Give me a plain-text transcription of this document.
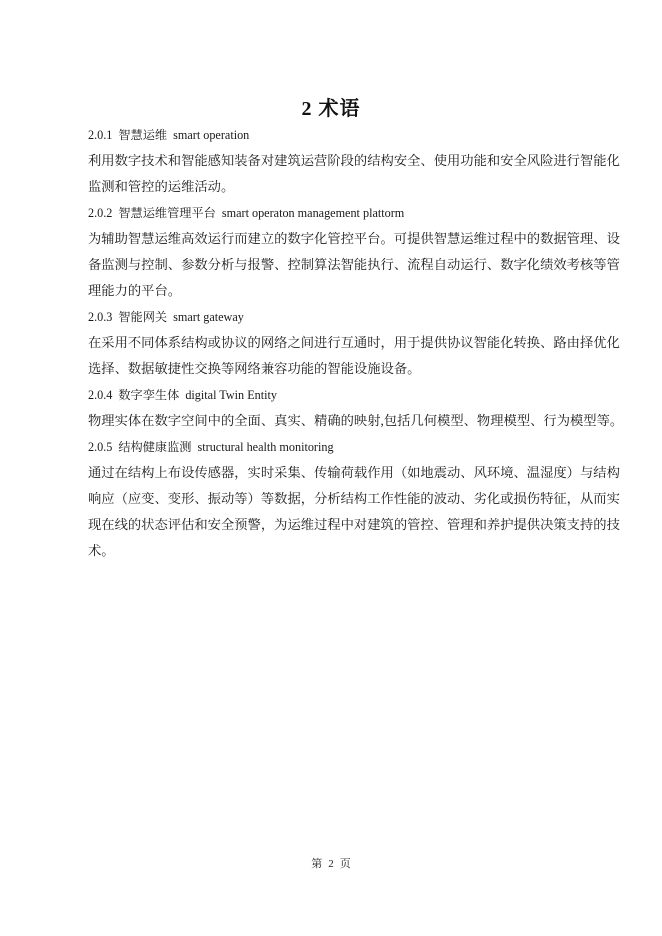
2 术语
2.0.1 智慧运维 smart operation
利用数字技术和智能感知装备对建筑运营阶段的结构安全、使用功能和安全风险进行智能化
监测和管控的运维活动。
2.0.2 智慧运维管理平台 smart operaton management plattorm
为辅助智慧运维高效运行而建立的数字化管控平台。可提供智慧运维过程中的数据管理、设
备监测与控制、参数分析与报警、控制算法智能执行、流程自动运行、数字化绩效考核等管
理能力的平台。
2.0.3 智能网关 smart gateway
在采用不同体系结构或协议的网络之间进行互通时，用于提供协议智能化转换、路由择优化
选择、数据敏捷性交换等网络兼容功能的智能设施设备。
2.0.4 数字孪生体 digital Twin Entity
物理实体在数字空间中的全面、真实、精确的映射,包括几何模型、物理模型、行为模型等。
2.0.5 结构健康监测 structural health monitoring
通过在结构上布设传感器，实时采集、传输荷载作用（如地震动、风环境、温湿度）与结构
响应（应变、变形、振动等）等数据，分析结构工作性能的波动、劣化或损伤特征，从而实
现在线的状态评估和安全预警，为运维过程中对建筑的管控、管理和养护提供决策支持的技
术。
第 2 页
